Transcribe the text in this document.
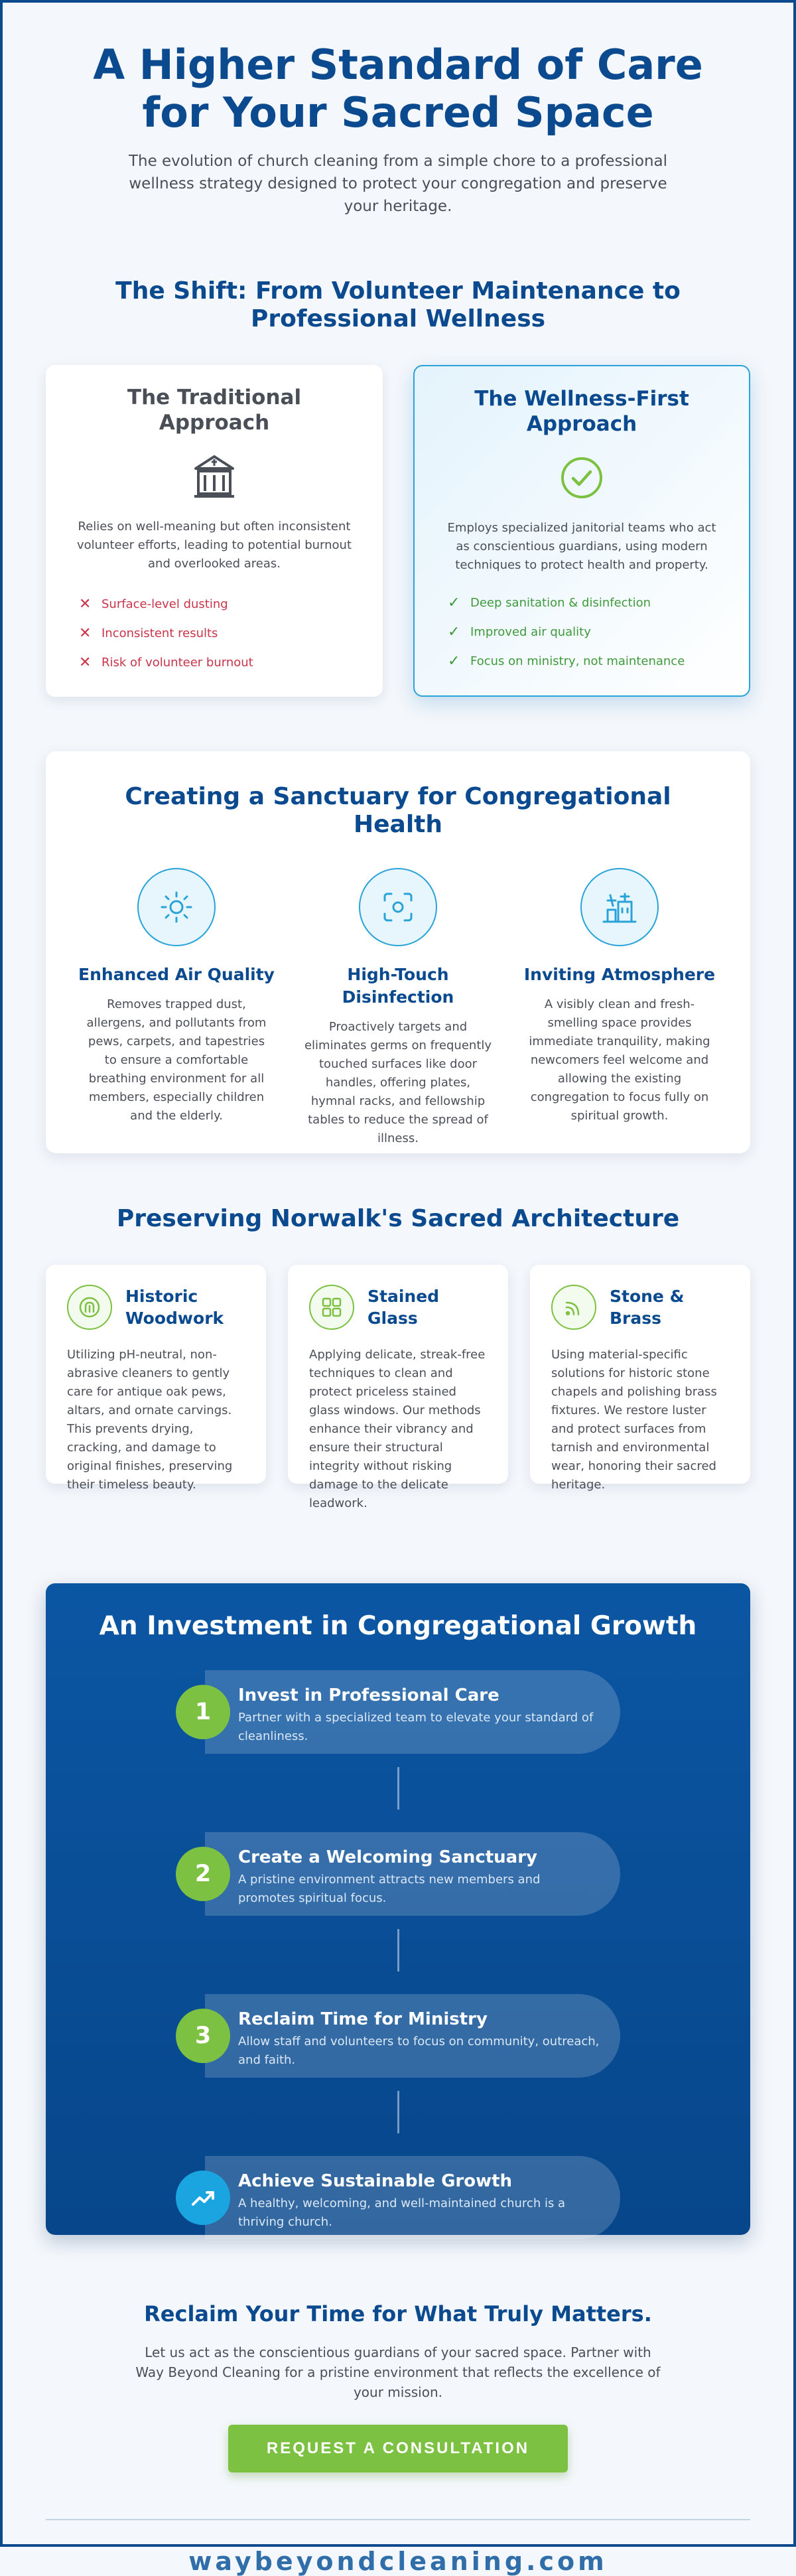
A Higher Standard of Care for Your Sacred Space

The evolution of church cleaning from a simple chore to a professional wellness strategy designed to protect your congregation and preserve your heritage.

The Shift: From Volunteer Maintenance to Professional Wellness
The Traditional Approach

Relies on well-meaning but often inconsistent volunteer efforts, leading to potential burnout and overlooked areas.

✕ Surface-level dusting
✕ Inconsistent results
✕ Risk of volunteer burnout
The Wellness-First Approach

Employs specialized janitorial teams who act as conscientious guardians, using modern techniques to protect health and property.

✓ Deep sanitation & disinfection
✓ Improved air quality
✓ Focus on ministry, not maintenance
Creating a Sanctuary for Congregational Health
Enhanced Air Quality

Removes trapped dust, allergens, and pollutants from pews, carpets, and tapestries to ensure a comfortable breathing environment for all members, especially children and the elderly.

High-Touch Disinfection

Proactively targets and eliminates germs on frequently touched surfaces like door handles, offering plates, hymnal racks, and fellowship tables to reduce the spread of illness.

Inviting Atmosphere

A visibly clean and fresh-smelling space provides immediate tranquility, making newcomers feel welcome and allowing the existing congregation to focus fully on spiritual growth.

Preserving Norwalk's Sacred Architecture
Historic Woodwork

Utilizing pH-neutral, non-abrasive cleaners to gently care for antique oak pews, altars, and ornate carvings. This prevents drying, cracking, and damage to original finishes, preserving their timeless beauty.

Stained Glass

Applying delicate, streak-free techniques to clean and protect priceless stained glass windows. Our methods enhance their vibrancy and ensure their structural integrity without risking damage to the delicate leadwork.

Stone & Brass

Using material-specific solutions for historic stone chapels and polishing brass fixtures. We restore luster and protect surfaces from tarnish and environmental wear, honoring their sacred heritage.

An Investment in Congregational Growth
1
Invest in Professional Care
Partner with a specialized team to elevate your standard of cleanliness.
2
Create a Welcoming Sanctuary
A pristine environment attracts new members and promotes spiritual focus.
3
Reclaim Time for Ministry
Allow staff and volunteers to focus on community, outreach, and faith.
Achieve Sustainable Growth
A healthy, welcoming, and well-maintained church is a thriving church.
Reclaim Your Time for What Truly Matters.

Let us act as the conscientious guardians of your sacred space. Partner with Way Beyond Cleaning for a pristine environment that reflects the excellence of your mission.

REQUEST A CONSULTATION
waybeyondcleaning.com
